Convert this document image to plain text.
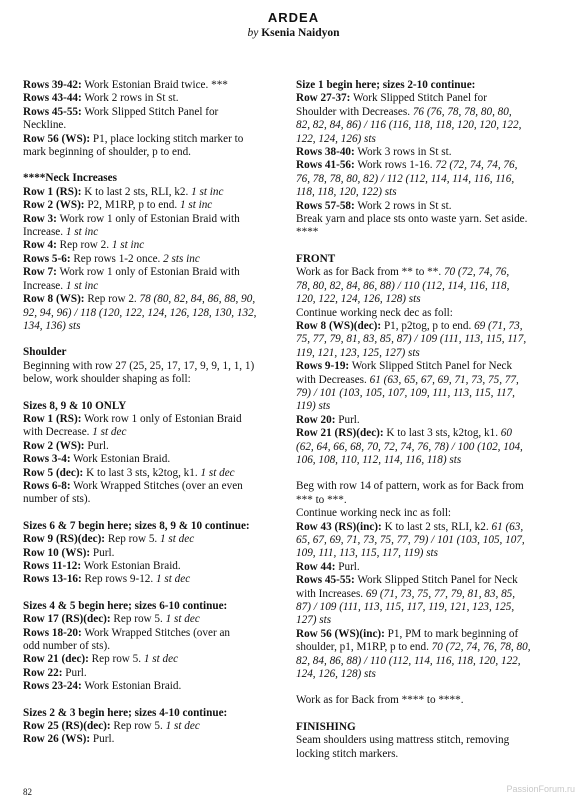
ARDEA
by Ksenia Naidyon
Rows 39-42: Work Estonian Braid twice. ***
Rows 43-44: Work 2 rows in St st.
Rows 45-55: Work Slipped Stitch Panel for
Neckline.
Row 56 (WS): P1, place locking stitch marker to
mark beginning of shoulder, p to end.
****Neck Increases
Row 1 (RS): K to last 2 sts, RLI, k2. 1 st inc
Row 2 (WS): P2, M1RP, p to end. 1 st inc
Row 3: Work row 1 only of Estonian Braid with
Increase. 1 st inc
Row 4: Rep row 2. 1 st inc
Rows 5-6: Rep rows 1-2 once. 2 sts inc
Row 7: Work row 1 only of Estonian Braid with
Increase. 1 st inc
Row 8 (WS): Rep row 2. 78 (80, 82, 84, 86, 88, 90,
92, 94, 96) / 118 (120, 122, 124, 126, 128, 130, 132,
134, 136) sts
Shoulder
Beginning with row 27 (25, 25, 17, 17, 9, 9, 1, 1, 1)
below, work shoulder shaping as foll:
Sizes 8, 9 & 10 ONLY
Row 1 (RS): Work row 1 only of Estonian Braid
with Decrease. 1 st dec
Row 2 (WS): Purl.
Rows 3-4: Work Estonian Braid.
Row 5 (dec): K to last 3 sts, k2tog, k1. 1 st dec
Rows 6-8: Work Wrapped Stitches (over an even
number of sts).
Sizes 6 & 7 begin here; sizes 8, 9 & 10 continue:
Row 9 (RS)(dec): Rep row 5. 1 st dec
Row 10 (WS): Purl.
Rows 11-12: Work Estonian Braid.
Rows 13-16: Rep rows 9-12. 1 st dec
Sizes 4 & 5 begin here; sizes 6-10 continue:
Row 17 (RS)(dec): Rep row 5. 1 st dec
Rows 18-20: Work Wrapped Stitches (over an
odd number of sts).
Row 21 (dec): Rep row 5. 1 st dec
Row 22: Purl.
Rows 23-24: Work Estonian Braid.
Sizes 2 & 3 begin here; sizes 4-10 continue:
Row 25 (RS)(dec): Rep row 5. 1 st dec
Row 26 (WS): Purl.
Size 1 begin here; sizes 2-10 continue:
Row 27-37: Work Slipped Stitch Panel for
Shoulder with Decreases. 76 (76, 78, 78, 80, 80,
82, 82, 84, 86) / 116 (116, 118, 118, 120, 120, 122,
122, 124, 126) sts
Rows 38-40: Work 3 rows in St st.
Rows 41-56: Work rows 1-16. 72 (72, 74, 74, 76,
76, 78, 78, 80, 82) / 112 (112, 114, 114, 116, 116,
118, 118, 120, 122) sts
Rows 57-58: Work 2 rows in St st.
Break yarn and place sts onto waste yarn. Set aside.
****
FRONT
Work as for Back from ** to **. 70 (72, 74, 76,
78, 80, 82, 84, 86, 88) / 110 (112, 114, 116, 118,
120, 122, 124, 126, 128) sts
Continue working neck dec as foll:
Row 8 (WS)(dec): P1, p2tog, p to end. 69 (71, 73,
75, 77, 79, 81, 83, 85, 87) / 109 (111, 113, 115, 117,
119, 121, 123, 125, 127) sts
Rows 9-19: Work Slipped Stitch Panel for Neck
with Decreases. 61 (63, 65, 67, 69, 71, 73, 75, 77,
79) / 101 (103, 105, 107, 109, 111, 113, 115, 117,
119) sts
Row 20: Purl.
Row 21 (RS)(dec): K to last 3 sts, k2tog, k1. 60
(62, 64, 66, 68, 70, 72, 74, 76, 78) / 100 (102, 104,
106, 108, 110, 112, 114, 116, 118) sts
Beg with row 14 of pattern, work as for Back from
*** to ***.
Continue working neck inc as foll:
Row 43 (RS)(inc): K to last 2 sts, RLI, k2. 61 (63,
65, 67, 69, 71, 73, 75, 77, 79) / 101 (103, 105, 107,
109, 111, 113, 115, 117, 119) sts
Row 44: Purl.
Rows 45-55: Work Slipped Stitch Panel for Neck
with Increases. 69 (71, 73, 75, 77, 79, 81, 83, 85,
87) / 109 (111, 113, 115, 117, 119, 121, 123, 125,
127) sts
Row 56 (WS)(inc): P1, PM to mark beginning of
shoulder, p1, M1RP, p to end. 70 (72, 74, 76, 78, 80,
82, 84, 86, 88) / 110 (112, 114, 116, 118, 120, 122,
124, 126, 128) sts
Work as for Back from **** to ****.
FINISHING
Seam shoulders using mattress stitch, removing
locking stitch markers.
82	PassionForum.ru
